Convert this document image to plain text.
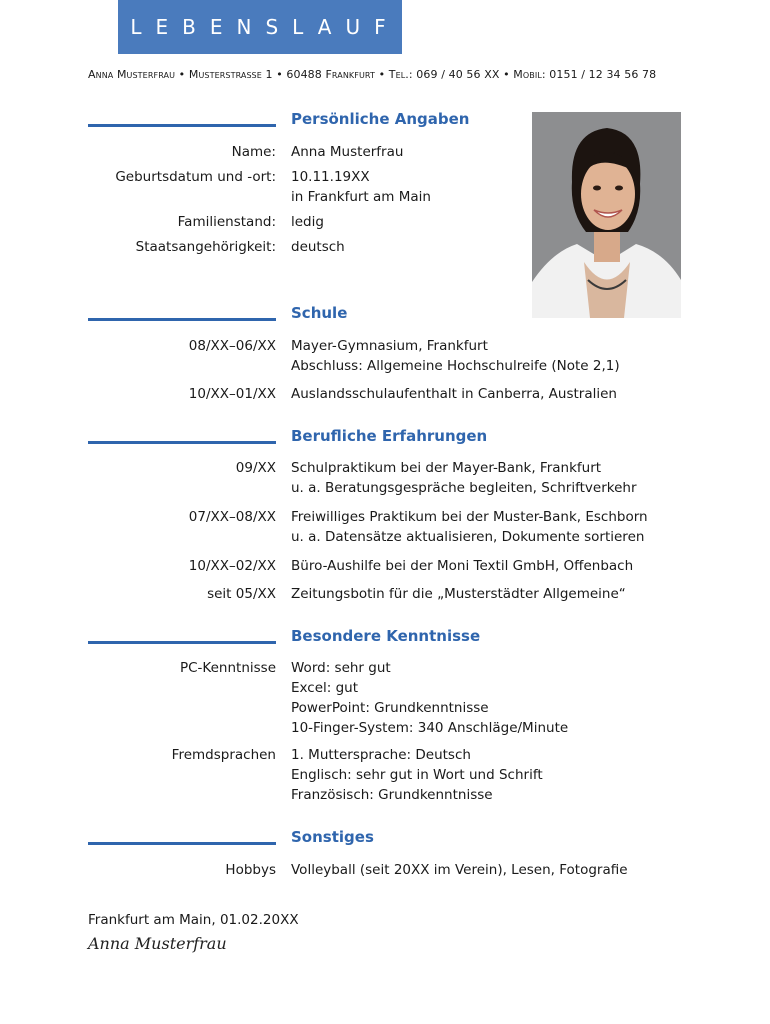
LEBENSLAUF
Anna Musterfrau • Musterstraße 1 • 60488 Frankfurt • Tel.: 069 / 40 56 XX • Mobil: 0151 / 12 34 56 78
Persönliche Angaben
Name: Anna Musterfrau
Geburtsdatum und -ort: 10.11.19XX
in Frankfurt am Main
Familienstand: ledig
Staatsangehörigkeit: deutsch
Schule
08/XX–06/XX Mayer-Gymnasium, Frankfurt
Abschluss: Allgemeine Hochschulreife (Note 2,1)
10/XX–01/XX Auslandsschulaufenthalt in Canberra, Australien
Berufliche Erfahrungen
09/XX Schulpraktikum bei der Mayer-Bank, Frankfurt
u. a. Beratungsgespräche begleiten, Schriftverkehr
07/XX–08/XX Freiwilliges Praktikum bei der Muster-Bank, Eschborn
u. a. Datensätze aktualisieren, Dokumente sortieren
10/XX–02/XX Büro-Aushilfe bei der Moni Textil GmbH, Offenbach
seit 05/XX Zeitungsbotin für die „Musterstädter Allgemeine“
Besondere Kenntnisse
PC-Kenntnisse Word: sehr gut
Excel: gut
PowerPoint: Grundkenntnisse
10-Finger-System: 340 Anschläge/Minute
Fremdsprachen 1. Muttersprache: Deutsch
Englisch: sehr gut in Wort und Schrift
Französisch: Grundkenntnisse
Sonstiges
Hobbys Volleyball (seit 20XX im Verein), Lesen, Fotografie
Frankfurt am Main, 01.02.20XX
Anna Musterfrau
